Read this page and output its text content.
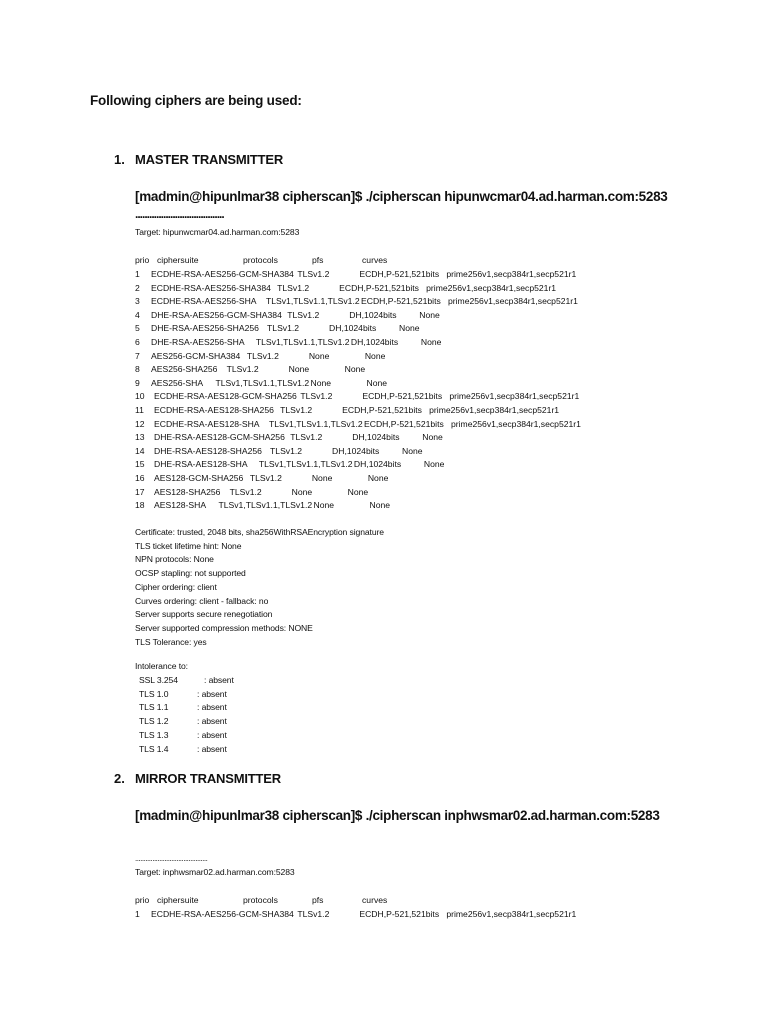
Following ciphers are being used:
1. MASTER TRANSMITTER
[madmin@hipunlmar38 cipherscan]$ ./cipherscan hipunwcmar04.ad.harman.com:5283
......................................
Target: hipunwcmar04.ad.harman.com:5283
prio ciphersuite	protocols	pfs	curves
1 ECDHE-RSA-AES256-GCM-SHA384 TLSv1.2	ECDH,P-521,521bits prime256v1,secp384r1,secp521r1
2 ECDHE-RSA-AES256-SHA384 TLSv1.2	ECDH,P-521,521bits prime256v1,secp384r1,secp521r1
3 ECDHE-RSA-AES256-SHA TLSv1,TLSv1.1,TLSv1.2 ECDH,P-521,521bits prime256v1,secp384r1,secp521r1
4 DHE-RSA-AES256-GCM-SHA384 TLSv1.2	DH,1024bits	None
5 DHE-RSA-AES256-SHA256 TLSv1.2	DH,1024bits	None
6 DHE-RSA-AES256-SHA TLSv1,TLSv1.1,TLSv1.2 DH,1024bits	None
7 AES256-GCM-SHA384 TLSv1.2	None	None
8 AES256-SHA256 TLSv1.2	None	None
9 AES256-SHA TLSv1,TLSv1.1,TLSv1.2 None	None
10 ECDHE-RSA-AES128-GCM-SHA256 TLSv1.2	ECDH,P-521,521bits prime256v1,secp384r1,secp521r1
11 ECDHE-RSA-AES128-SHA256 TLSv1.2	ECDH,P-521,521bits prime256v1,secp384r1,secp521r1
12 ECDHE-RSA-AES128-SHA TLSv1,TLSv1.1,TLSv1.2 ECDH,P-521,521bits prime256v1,secp384r1,secp521r1
13 DHE-RSA-AES128-GCM-SHA256 TLSv1.2	DH,1024bits	None
14 DHE-RSA-AES128-SHA256 TLSv1.2	DH,1024bits	None
15 DHE-RSA-AES128-SHA TLSv1,TLSv1.1,TLSv1.2 DH,1024bits	None
16 AES128-GCM-SHA256 TLSv1.2	None	None
17 AES128-SHA256 TLSv1.2	None	None
18 AES128-SHA TLSv1,TLSv1.1,TLSv1.2 None	None
Certificate: trusted, 2048 bits, sha256WithRSAEncryption signature
TLS ticket lifetime hint: None
NPN protocols: None
OCSP stapling: not supported
Cipher ordering: client
Curves ordering: client - fallback: no
Server supports secure renegotiation
Server supported compression methods: NONE
TLS Tolerance: yes
Intolerance to:
SSL 3.254	: absent
TLS 1.0	: absent
TLS 1.1	: absent
TLS 1.2	: absent
TLS 1.3	: absent
TLS 1.4	: absent
2. MIRROR TRANSMITTER
[madmin@hipunlmar38 cipherscan]$ ./cipherscan inphwsmar02.ad.harman.com:5283
..........................................
Target: inphwsmar02.ad.harman.com:5283
prio ciphersuite	protocols	pfs	curves
1 ECDHE-RSA-AES256-GCM-SHA384 TLSv1.2	ECDH,P-521,521bits prime256v1,secp384r1,secp521r1
